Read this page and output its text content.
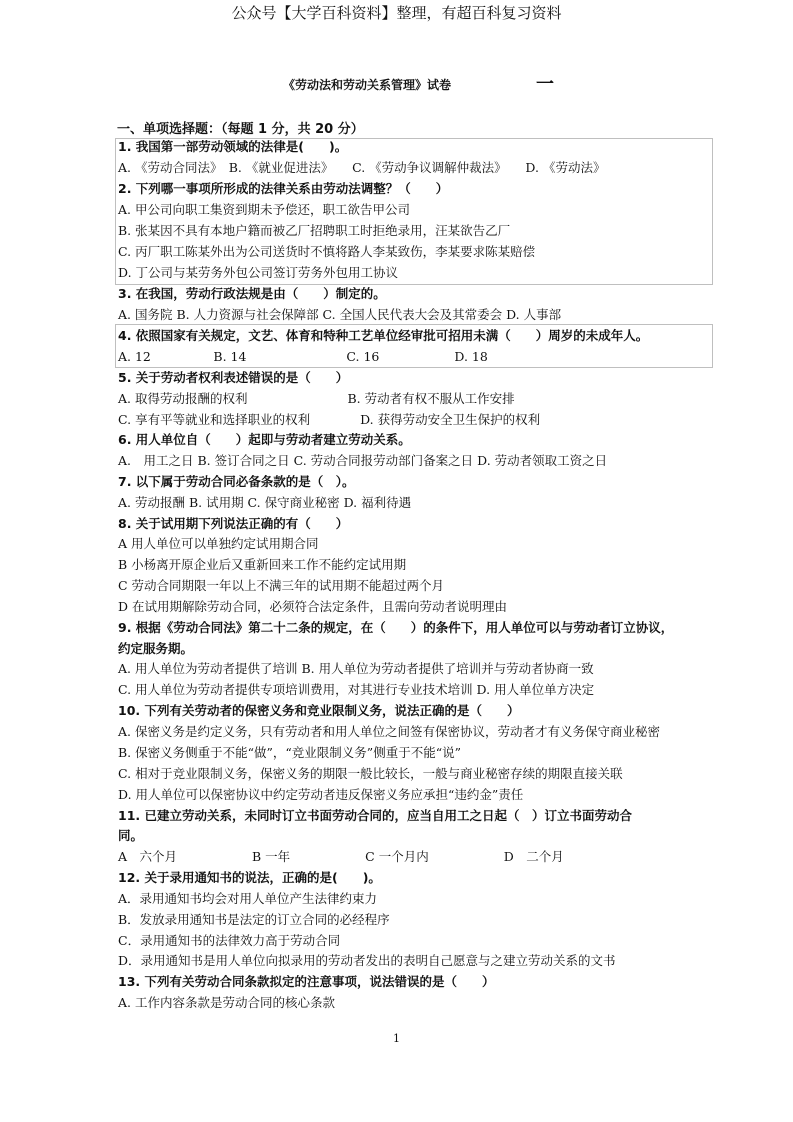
公众号【大学百科资料】整理，有超百科复习资料
《劳动法和劳动关系管理》试卷	一
一、单项选择题：（每题 1 分，共 20 分）
1. 我国第一部劳动领域的法律是(　　)。
A. 《劳动合同法》　B. 《就业促进法》　　C. 《劳动争议调解仲裁法》　　D. 《劳动法》
2. 下列哪一事项所形成的法律关系由劳动法调整？（　　）
A. 甲公司向职工集资到期未予偿还，职工欲告甲公司
B. 张某因不具有本地户籍而被乙厂招聘职工时拒绝录用，汪某欲告乙厂
C. 丙厂职工陈某外出为公司送货时不慎将路人李某致伤，李某要求陈某赔偿
D. 丁公司与某劳务外包公司签订劳务外包用工协议
3. 在我国，劳动行政法规是由（　　）制定的。
A. 国务院 B. 人力资源与社会保障部 C. 全国人民代表大会及其常委会 D. 人事部
4. 依照国家有关规定，文艺、体育和特种工艺单位经审批可招用未满（　　）周岁的未成年人。
A. 12　　　　　B. 14　　　　　　　　C. 16　　　　　　D. 18
5. 关于劳动者权利表述错误的是（　　）
A. 取得劳动报酬的权利　　　　　　　　B. 劳动者有权不服从工作安排
C. 享有平等就业和选择职业的权利　　　　D. 获得劳动安全卫生保护的权利
6. 用人单位自（　　）起即与劳动者建立劳动关系。
A.　用工之日 B. 签订合同之日 C. 劳动合同报劳动部门备案之日 D. 劳动者领取工资之日
7. 以下属于劳动合同必备条款的是（　）。
A. 劳动报酬 B. 试用期 C. 保守商业秘密 D. 福利待遇
8. 关于试用期下列说法正确的有（　　）
A 用人单位可以单独约定试用期合同
B 小杨离开原企业后又重新回来工作不能约定试用期
C 劳动合同期限一年以上不满三年的试用期不能超过两个月
D 在试用期解除劳动合同，必须符合法定条件，且需向劳动者说明理由
9. 根据《劳动合同法》第二十二条的规定，在（　　）的条件下，用人单位可以与劳动者订立协议，
约定服务期。
A. 用人单位为劳动者提供了培训 B. 用人单位为劳动者提供了培训并与劳动者协商一致
C. 用人单位为劳动者提供专项培训费用，对其进行专业技术培训 D. 用人单位单方决定
10. 下列有关劳动者的保密义务和竞业限制义务，说法正确的是（　　）
A. 保密义务是约定义务，只有劳动者和用人单位之间签有保密协议，劳动者才有义务保守商业秘密
B. 保密义务侧重于不能“做”，“竞业限制义务”侧重于不能“说”
C. 相对于竞业限制义务，保密义务的期限一般比较长，一般与商业秘密存续的期限直接关联
D. 用人单位可以保密协议中约定劳动者违反保密义务应承担“违约金”责任
11. 已建立劳动关系，未同时订立书面劳动合同的，应当自用工之日起（　）订立书面劳动合
同。
A　六个月　　　　　　B 一年　　　　　　C 一个月内　　　　　　D　二个月
12. 关于录用通知书的说法，正确的是(　　)。
A．录用通知书均会对用人单位产生法律约束力
B．发放录用通知书是法定的订立合同的必经程序
C．录用通知书的法律效力高于劳动合同
D．录用通知书是用人单位向拟录用的劳动者发出的表明自己愿意与之建立劳动关系的文书
13. 下列有关劳动合同条款拟定的注意事项，说法错误的是（　　）
A. 工作内容条款是劳动合同的核心条款
1
